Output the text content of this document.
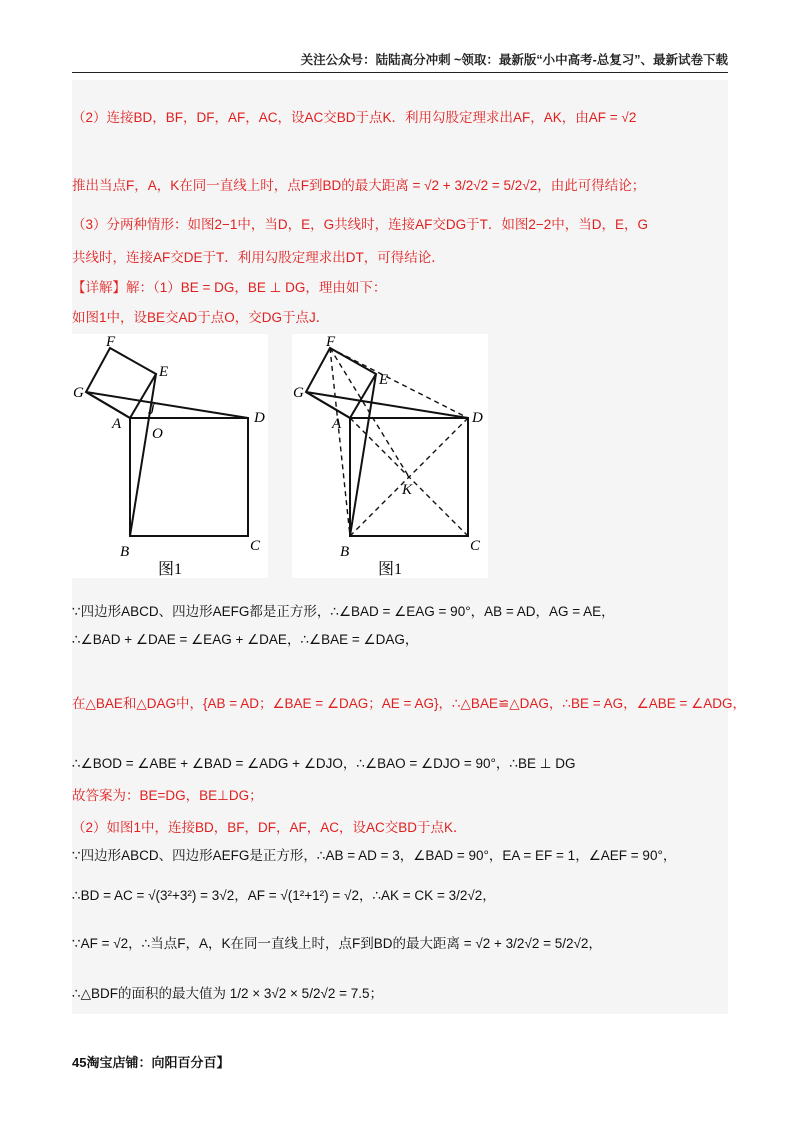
关注公众号：陆陆高分冲刺 ~领取：最新版“小中高考-总复习”、最新试卷下载
（2）连接BD，BF，DF，AF，AC，设AC交BD于点K．利用勾股定理求出AF，AK，由AF = √2
推出当点F，A，K在同一直线上时，点F到BD的最大距离 = √2 + 3/2√2 = 5/2√2，由此可得结论；
（3）分两种情形：如图2−1中，当D，E，G共线时，连接AF交DG于T．如图2−2中，当D，E，G
共线时，连接AF交DE于T．利用勾股定理求出DT，可得结论．
【详解】解：（1）BE = DG，BE ⊥ DG，理由如下：
如图1中，设BE交AD于点O，交DG于点J．
F
E
G
A
J
O
D
B	C
图1
F
E
G
A	D
K
B	C
图1
∵四边形ABCD、四边形AEFG都是正方形，∴∠BAD = ∠EAG = 90°，AB = AD，AG = AE，
∴∠BAD + ∠DAE = ∠EAG + ∠DAE，∴∠BAE = ∠DAG，
在△BAE和△DAG中，{AB = AD；∠BAE = ∠DAG；AE = AG}，∴△BAE≌△DAG，∴BE = AG，∠ABE = ∠ADG，
∴∠BOD = ∠ABE + ∠BAD = ∠ADG + ∠DJO，∴∠BAO = ∠DJO = 90°，∴BE ⊥ DG
故答案为：BE=DG，BE⊥DG；
（2）如图1中，连接BD，BF，DF，AF，AC，设AC交BD于点K．
∵四边形ABCD、四边形AEFG是正方形，∴AB = AD = 3，∠BAD = 90°，EA = EF = 1，∠AEF = 90°，
∴BD = AC = √(3²+3²) = 3√2，AF = √(1²+1²) = √2，∴AK = CK = 3/2√2，
∵AF = √2，∴当点F，A，K在同一直线上时，点F到BD的最大距离 = √2 + 3/2√2 = 5/2√2，
∴△BDF的面积的最大值为 1/2 × 3√2 × 5/2√2 = 7.5；
45淘宝店铺：向阳百分百】
